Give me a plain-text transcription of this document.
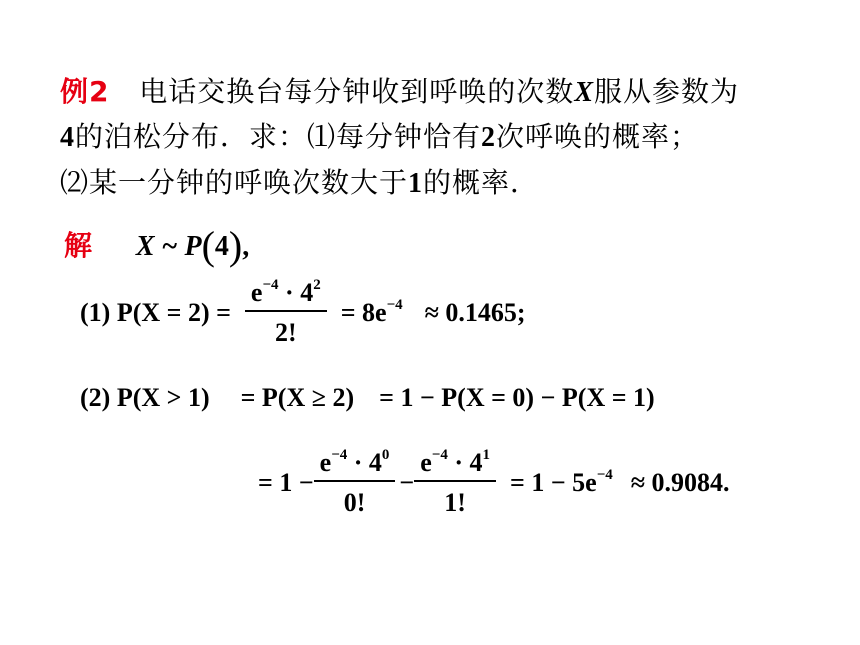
例2 电话交换台每分钟收到呼唤的次数X服从参数为
4的泊松分布．求：⑴每分钟恰有2次呼唤的概率；
⑵某一分钟的呼唤次数大于1的概率．
解 X ~ P(4),
(1) $P(X = 2) = \frac{e^{-4} \cdot 4^2}{2!} = 8e^{-4} \approx 0.1465$;
(2) P(X > 1) = P(X ≥ 2) = 1 − P(X = 0) − P(X = 1)
= $1 - \frac{e^{-4} \cdot 4^0}{0!} - \frac{e^{-4} \cdot 4^1}{1!} = 1 - 5e^{-4} \approx 0.9084$.
